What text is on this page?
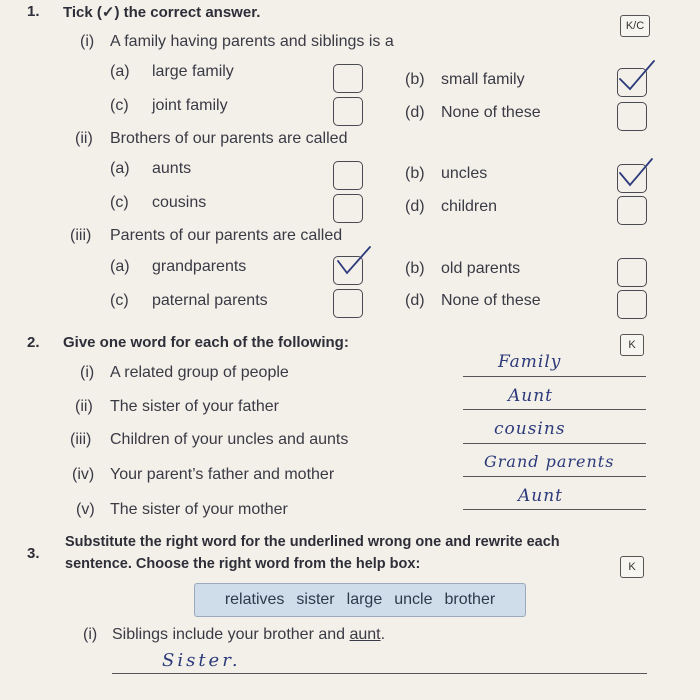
1. Tick (✓) the correct answer.
K/C
(i) A family having parents and siblings is a
(a) large family	(b) small family
(c) joint family	(d) None of these
(ii) Brothers of our parents are called
(a) aunts	(b) uncles
(c) cousins	(d) children
(iii) Parents of our parents are called
(a) grandparents	(b) old parents
(c) paternal parents	(d) None of these
2. Give one word for each of the following:	K
(i) A related group of people
Family
(ii) The sister of your father
Aunt
(iii) Children of your uncles and aunts
cousins
(iv) Your parent’s father and mother
Grand parents
(v) The sister of your mother
Aunt
3.
Substitute the right word for the underlined wrong one and rewrite each
sentence. Choose the right word from the help box:	K
relatives sister large uncle brother
(i) Siblings include your brother and aunt.
Sister.
